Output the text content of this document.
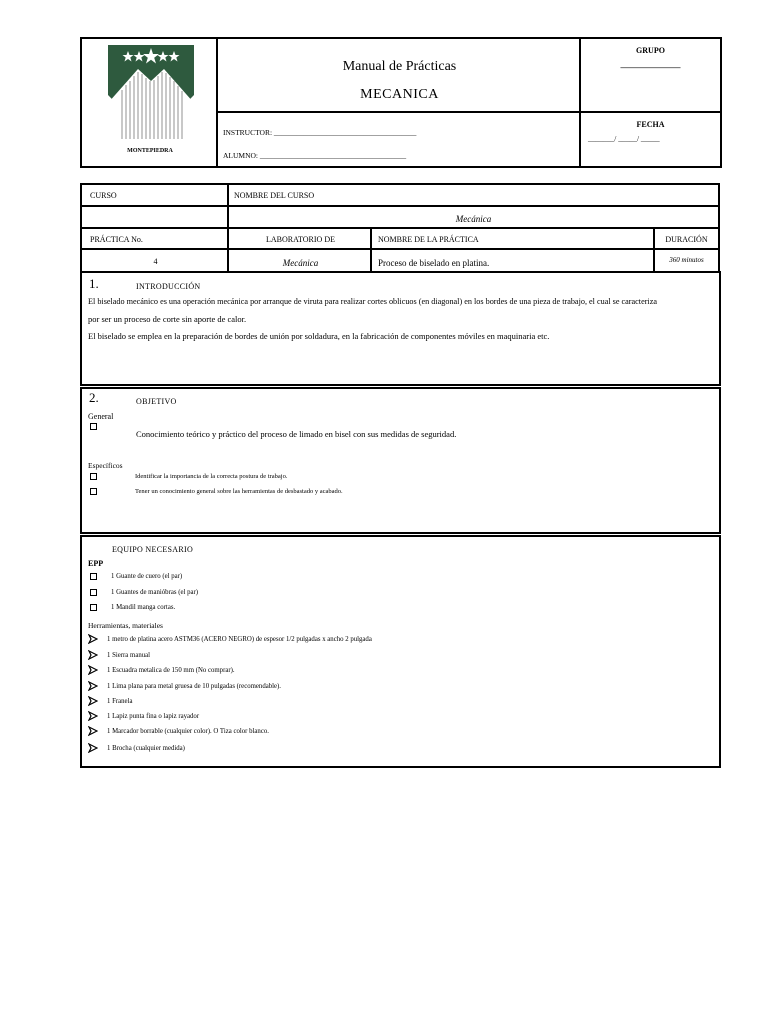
MONTEPIEDRA
Manual de Prácticas
MECANICA
GRUPO
_______________
INSTRUCTOR: ______________________________________
ALUMNO: _______________________________________
FECHA
_______/ _____/ _____
CURSO	NOMBRE DEL CURSO
Mecánica
PRÁCTICA No.	LABORATORIO DE	NOMBRE DE LA PRÁCTICA	DURACIÓN
4	Mecánica	Proceso de biselado en platina.	360 minutos
1.	INTRODUCCIÓN
El biselado mecánico es una operación mecánica por arranque de viruta para realizar cortes oblicuos (en diagonal) en los bordes de una pieza de trabajo, el cual se caracteriza
por ser un proceso de corte sin aporte de calor.
El biselado se emplea en la preparación de bordes de unión por soldadura, en la fabricación de componentes móviles en maquinaria etc.
2.	OBJETIVO
General
Conocimiento teórico y práctico del proceso de limado en bisel con sus medidas de seguridad.
Específicos
Identificar la importancia de la correcta postura de trabajo.
Tener un conocimiento general sobre las herramientas de desbastado y acabado.
EQUIPO NECESARIO
EPP
1 Guante de cuero (el par)
1 Guantes de manióbras (el par)
1 Mandil manga cortas.
Herramientas, materiales
1 metro de platina acero ASTM36 (ACERO NEGRO) de espesor 1/2 pulgadas x ancho 2 pulgada
1 Sierra manual
1 Escuadra metalica de 150 mm (No comprar).
1 Lima plana para metal gruesa de 10 pulgadas (recomendable).
1 Franela
1 Lapiz punta fina o lapiz rayador
1 Marcador borrable (cualquier color). O Tiza color blanco.
1 Brocha (cualquier medida)
